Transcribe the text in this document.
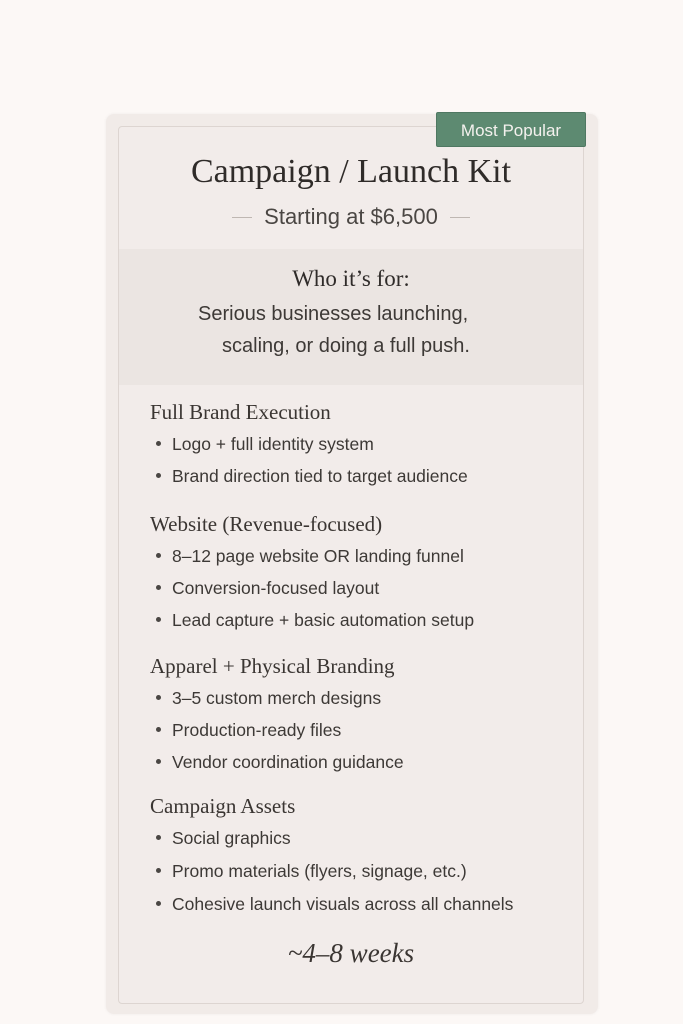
Most Popular
Campaign / Launch Kit
Starting at $6,500
Who it’s for:
Serious businesses launching,
scaling, or doing a full push.
Full Brand Execution
Logo + full identity system
Brand direction tied to target audience
Website (Revenue-focused)
8–12 page website OR landing funnel
Conversion-focused layout
Lead capture + basic automation setup
Apparel + Physical Branding
3–5 custom merch designs
Production-ready files
Vendor coordination guidance
Campaign Assets
Social graphics
Promo materials (flyers, signage, etc.)
Cohesive launch visuals across all channels
~4–8 weeks
